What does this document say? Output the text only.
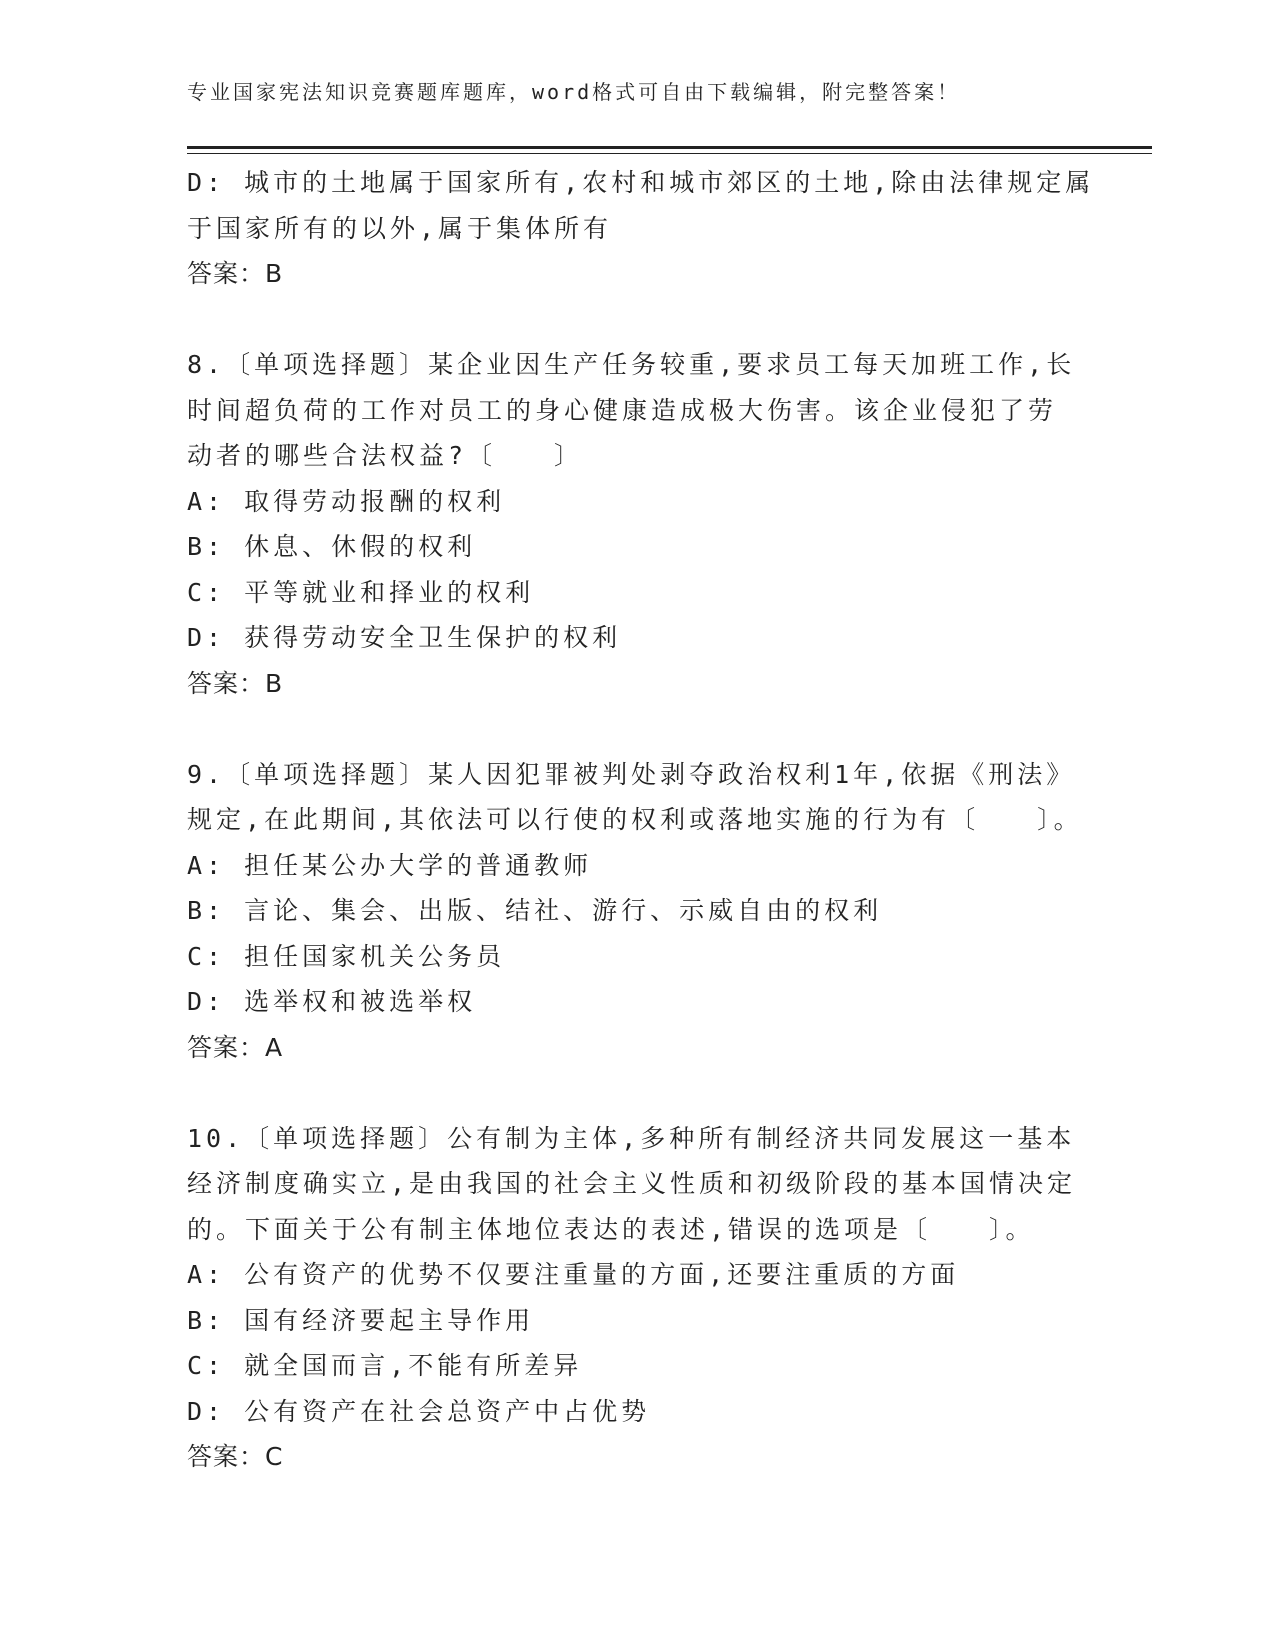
专业国家宪法知识竞赛题库题库，word格式可自由下载编辑，附完整答案！
D: 城市的土地属于国家所有,农村和城市郊区的土地,除由法律规定属
于国家所有的以外,属于集体所有
答案：B
8.〔单项选择题〕某企业因生产任务较重,要求员工每天加班工作,长
时间超负荷的工作对员工的身心健康造成极大伤害。该企业侵犯了劳
动者的哪些合法权益?〔　　〕
A: 取得劳动报酬的权利
B: 休息、休假的权利
C: 平等就业和择业的权利
D: 获得劳动安全卫生保护的权利
答案：B
9.〔单项选择题〕某人因犯罪被判处剥夺政治权利1年,依据《刑法》
规定,在此期间,其依法可以行使的权利或落地实施的行为有〔　　〕。
A: 担任某公办大学的普通教师
B: 言论、集会、出版、结社、游行、示威自由的权利
C: 担任国家机关公务员
D: 选举权和被选举权
答案：A
10.〔单项选择题〕公有制为主体,多种所有制经济共同发展这一基本
经济制度确实立,是由我国的社会主义性质和初级阶段的基本国情决定
的。下面关于公有制主体地位表达的表述,错误的选项是〔　　〕。
A: 公有资产的优势不仅要注重量的方面,还要注重质的方面
B: 国有经济要起主导作用
C: 就全国而言,不能有所差异
D: 公有资产在社会总资产中占优势
答案：C
